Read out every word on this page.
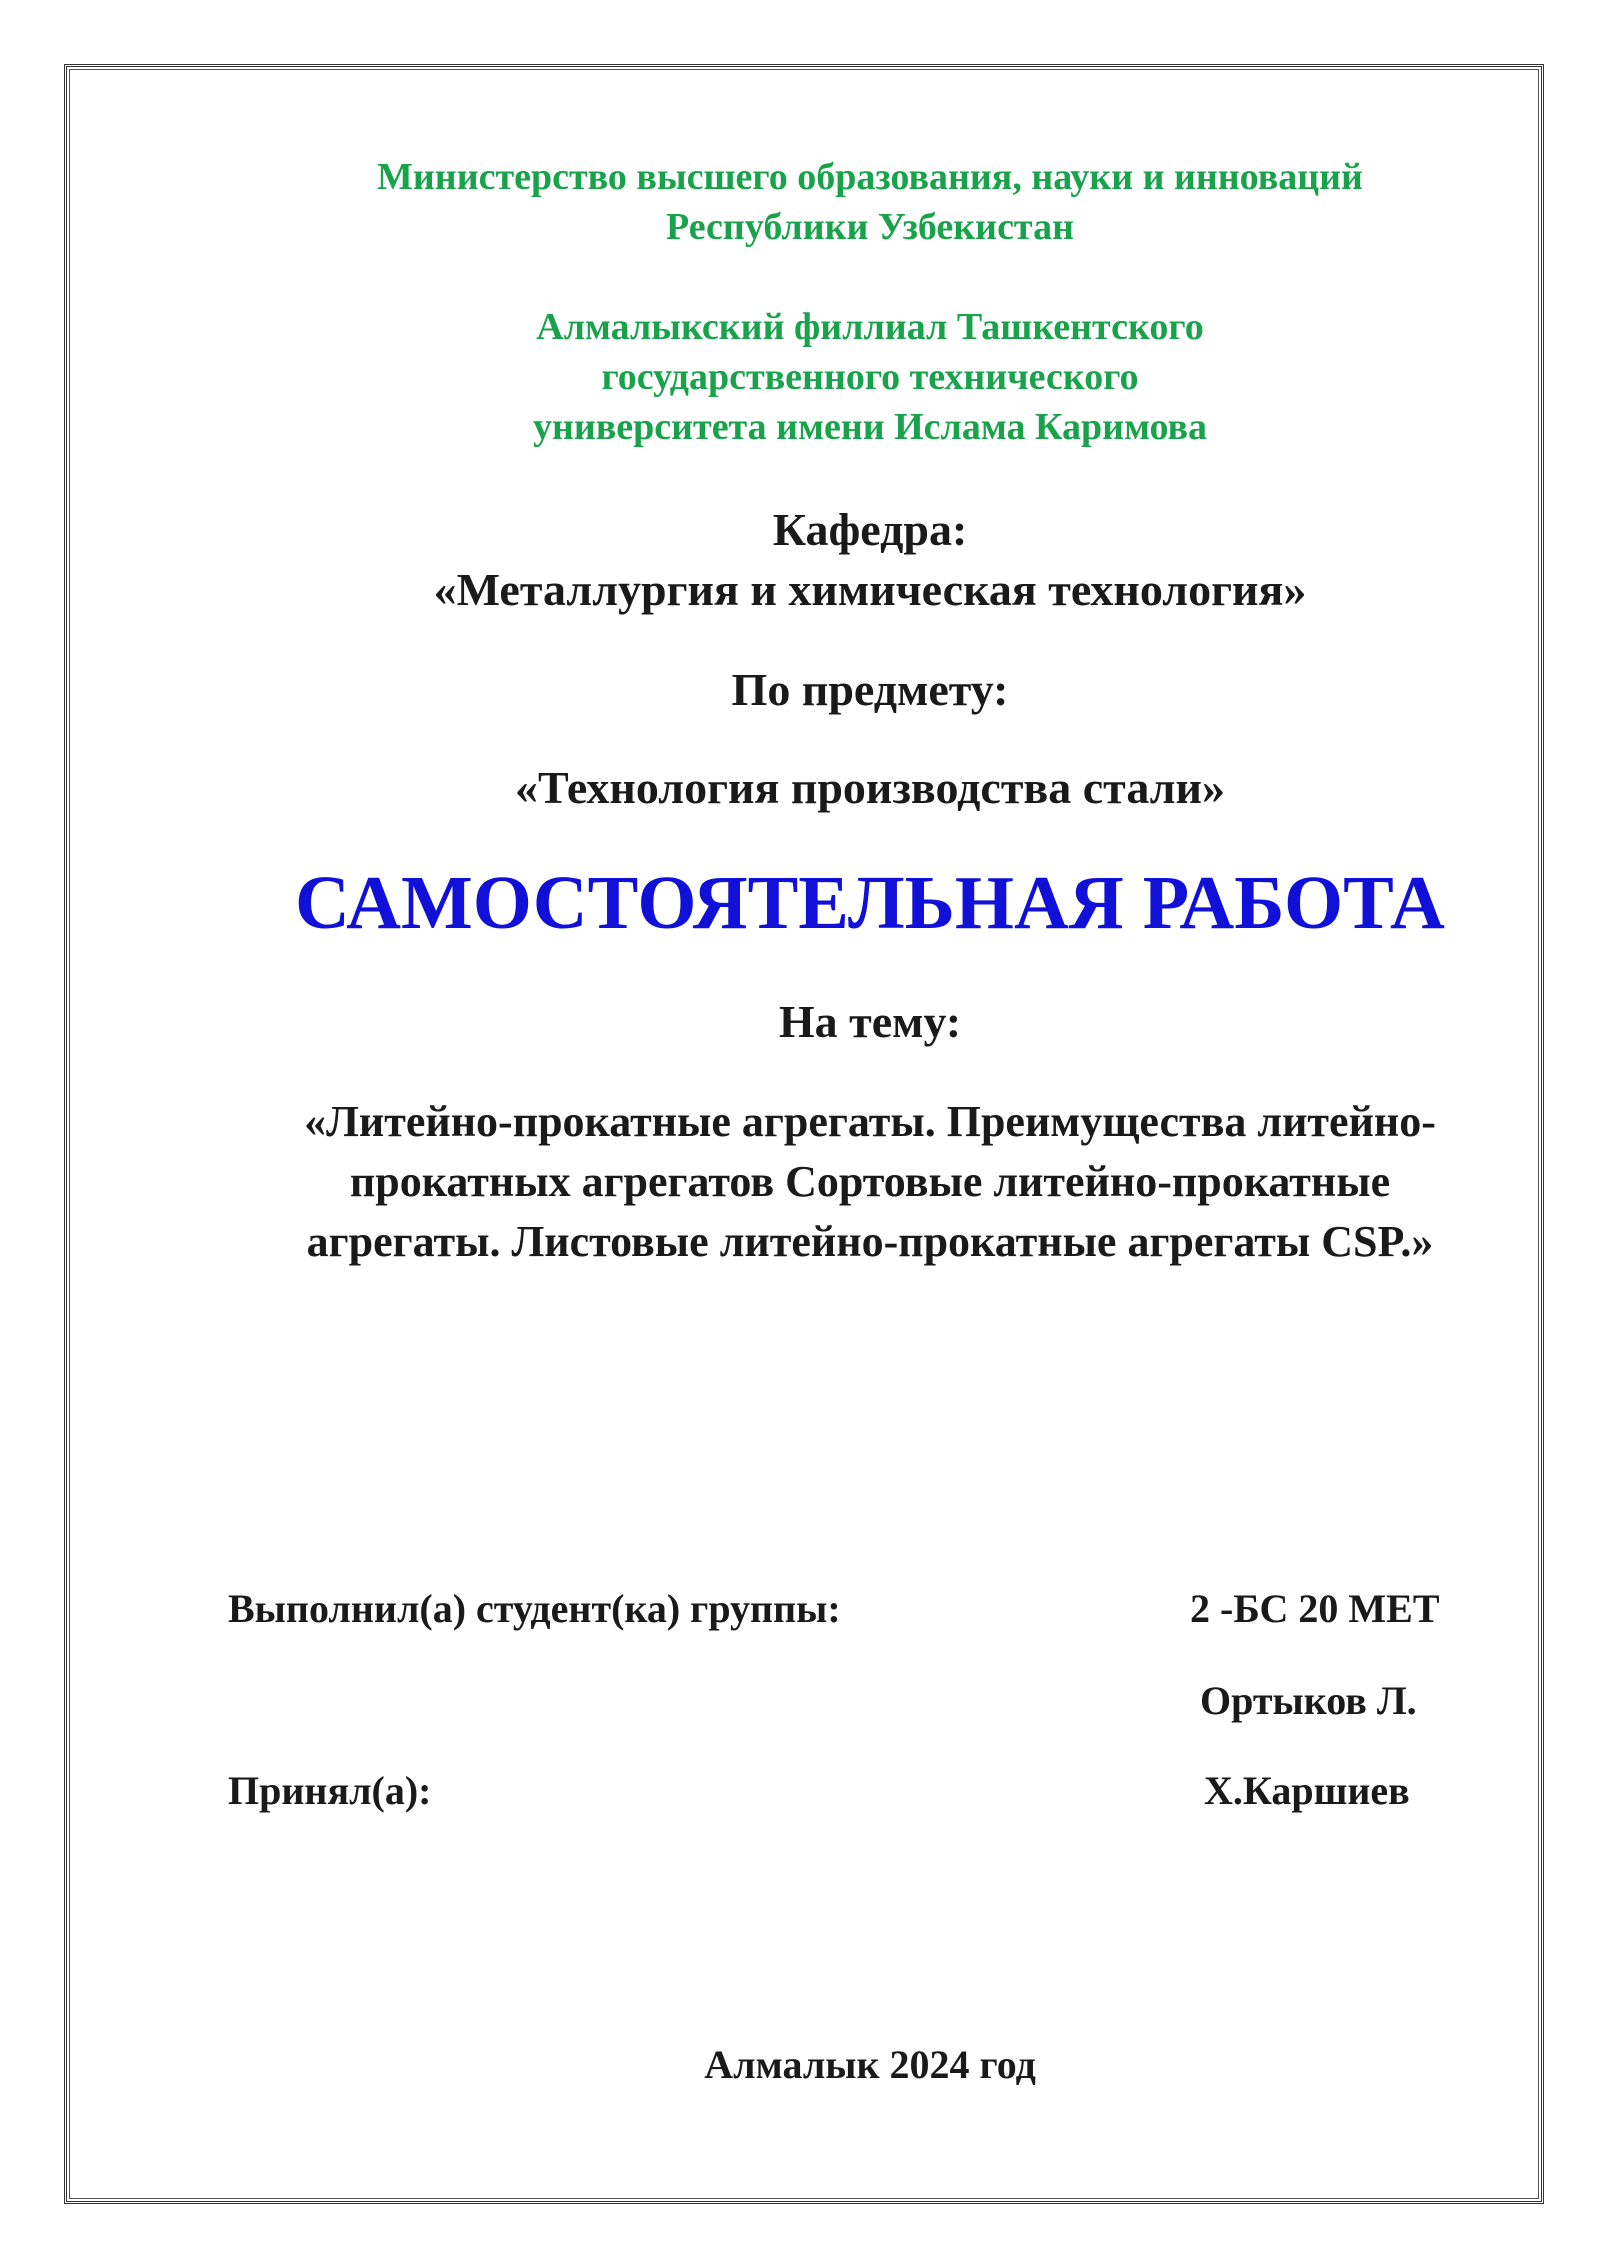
Министерство высшего образования, науки и инноваций
Республики Узбекистан
Алмалыкский филлиал Ташкентского
государственного технического
университета имени Ислама Каримова
Кафедра:
«Металлургия и химическая технология»
По предмету:
«Технология производства стали»
САМОСТОЯТЕЛЬНАЯ РАБОТА
На тему:
«Литейно-прокатные агрегаты. Преимущества литейно-
прокатных агрегатов Сортовые литейно-прокатные
агрегаты. Листовые литейно-прокатные агрегаты CSP.»
Выполнил(а) студент(ка) группы:	2 -БС 20 МЕТ
Ортыков Л.
Принял(а):	Х.Каршиев
Алмалык 2024 год
